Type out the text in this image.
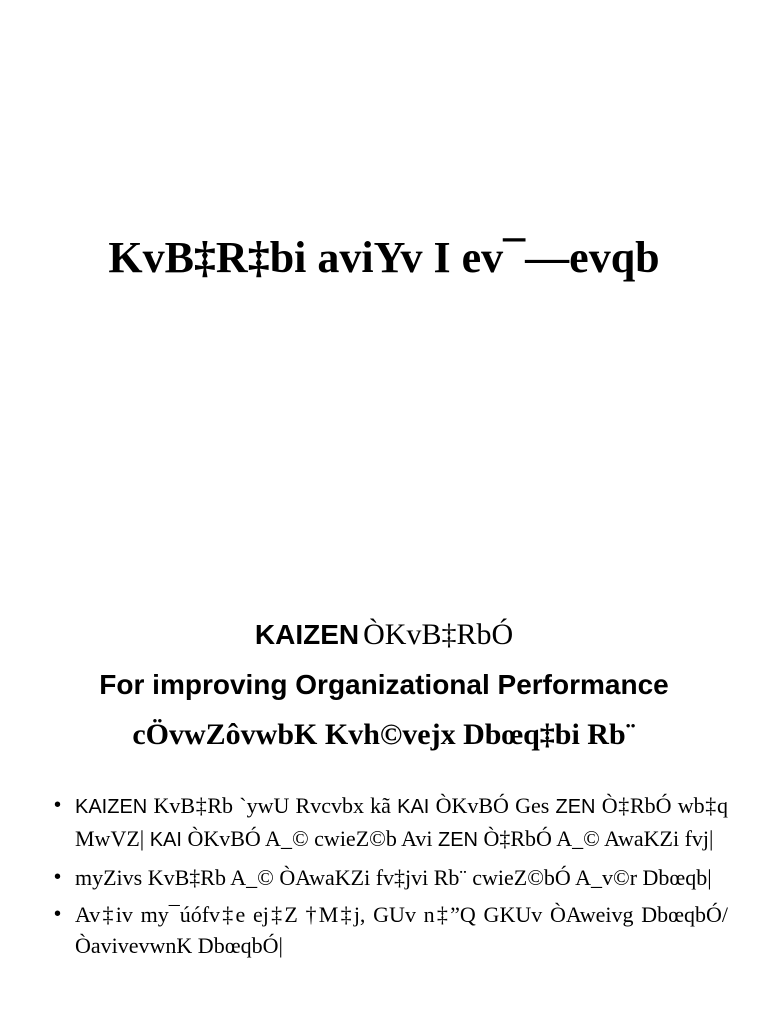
KvB‡R‡bi aviYv I ev¯—evqb
KAIZEN ÒKvB‡RbÓ
For improving Organizational Performance
cÖvwZôvwbK Kvh©vejx Dbœq‡bi Rb¨
• KAIZEN KvB‡Rb `ywU Rvcvbx kã KAI ÒKvBÓ Ges ZEN Ò‡RbÓ wb‡q MwVZ| KAI ÒKvBÓ A_© cwieZ©b Avi ZEN Ò‡RbÓ A_© AwaKZi fvj|
• myZivs KvB‡Rb A_© ÒAwaKZi fv‡jvi Rb¨ cwieZ©bÓ A_v©r Dbœqb|
• Av‡iv my¯úófv‡e ej‡Z †M‡j, GUv n‡”Q GKUv ÒAweivg DbœqbÓ/ ÒavivevwnK DbœqbÓ|
